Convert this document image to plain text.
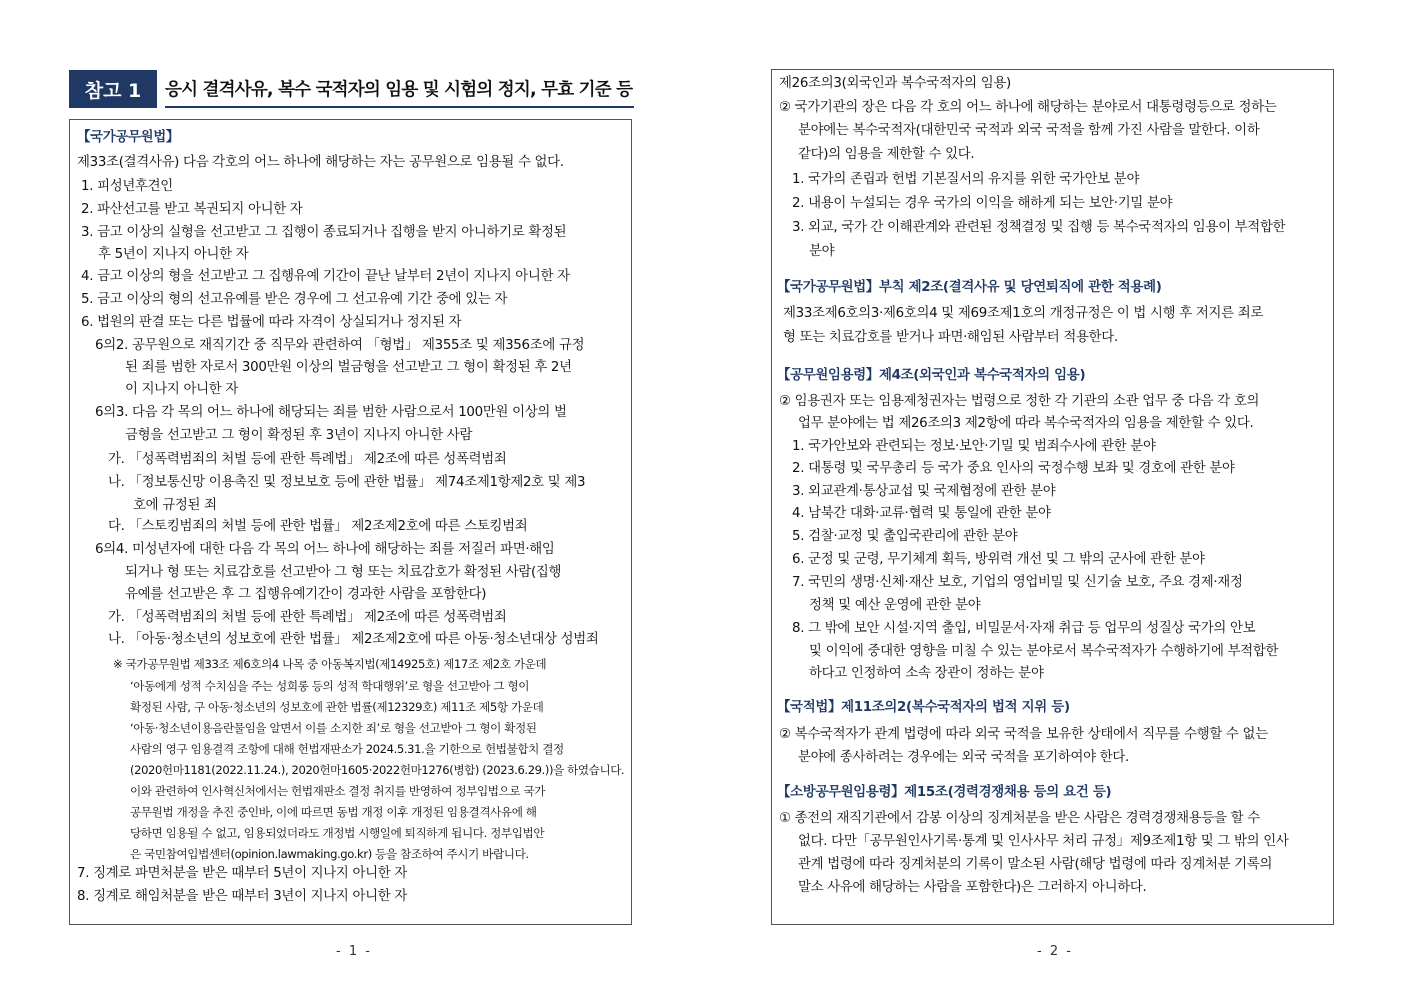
참고 1	응시 결격사유, 복수 국적자의 임용 및 시험의 정지, 무효 기준 등
【국가공무원법】
제33조(결격사유) 다음 각호의 어느 하나에 해당하는 자는 공무원으로 임용될 수 없다.
1. 피성년후견인
2. 파산선고를 받고 복권되지 아니한 자
3. 금고 이상의 실형을 선고받고 그 집행이 종료되거나 집행을 받지 아니하기로 확정된
후 5년이 지나지 아니한 자
4. 금고 이상의 형을 선고받고 그 집행유예 기간이 끝난 날부터 2년이 지나지 아니한 자
5. 금고 이상의 형의 선고유예를 받은 경우에 그 선고유예 기간 중에 있는 자
6. 법원의 판결 또는 다른 법률에 따라 자격이 상실되거나 정지된 자
6의2. 공무원으로 재직기간 중 직무와 관련하여 「형법」 제355조 및 제356조에 규정
된 죄를 범한 자로서 300만원 이상의 벌금형을 선고받고 그 형이 확정된 후 2년
이 지나지 아니한 자
6의3. 다음 각 목의 어느 하나에 해당되는 죄를 범한 사람으로서 100만원 이상의 벌
금형을 선고받고 그 형이 확정된 후 3년이 지나지 아니한 사람
가. 「성폭력범죄의 처벌 등에 관한 특례법」 제2조에 따른 성폭력범죄
나. 「정보통신망 이용촉진 및 정보보호 등에 관한 법률」 제74조제1항제2호 및 제3
호에 규정된 죄
다. 「스토킹범죄의 처벌 등에 관한 법률」 제2조제2호에 따른 스토킹범죄
6의4. 미성년자에 대한 다음 각 목의 어느 하나에 해당하는 죄를 저질러 파면·해임
되거나 형 또는 치료감호를 선고받아 그 형 또는 치료감호가 확정된 사람(집행
유예를 선고받은 후 그 집행유예기간이 경과한 사람을 포함한다)
가. 「성폭력범죄의 처벌 등에 관한 특례법」 제2조에 따른 성폭력범죄
나. 「아동·청소년의 성보호에 관한 법률」 제2조제2호에 따른 아동·청소년대상 성범죄
※ 국가공무원법 제33조 제6호의4 나목 중 아동복지법(제14925호) 제17조 제2호 가운데
‘아동에게 성적 수치심을 주는 성희롱 등의 성적 학대행위’로 형을 선고받아 그 형이
확정된 사람, 구 아동·청소년의 성보호에 관한 법률(제12329호) 제11조 제5항 가운데
‘아동·청소년이용음란물임을 알면서 이를 소지한 죄’로 형을 선고받아 그 형이 확정된
사람의 영구 임용결격 조항에 대해 헌법재판소가 2024.5.31.을 기한으로 헌법불합치 결정
(2020헌마1181(2022.11.24.), 2020헌마1605·2022헌마1276(병합) (2023.6.29.))을 하였습니다.
이와 관련하여 인사혁신처에서는 헌법재판소 결정 취지를 반영하여 정부입법으로 국가
공무원법 개정을 추진 중인바, 이에 따르면 동법 개정 이후 개정된 임용결격사유에 해
당하면 임용될 수 없고, 임용되었더라도 개정법 시행일에 퇴직하게 됩니다. 정부입법안
은 국민참여입법센터(opinion.lawmaking.go.kr) 등을 참조하여 주시기 바랍니다.
7. 징계로 파면처분을 받은 때부터 5년이 지나지 아니한 자
8. 징계로 해임처분을 받은 때부터 3년이 지나지 아니한 자
제26조의3(외국인과 복수국적자의 임용)
② 국가기관의 장은 다음 각 호의 어느 하나에 해당하는 분야로서 대통령령등으로 정하는
분야에는 복수국적자(대한민국 국적과 외국 국적을 함께 가진 사람을 말한다. 이하
같다)의 임용을 제한할 수 있다.
1. 국가의 존립과 헌법 기본질서의 유지를 위한 국가안보 분야
2. 내용이 누설되는 경우 국가의 이익을 해하게 되는 보안·기밀 분야
3. 외교, 국가 간 이해관계와 관련된 정책결정 및 집행 등 복수국적자의 임용이 부적합한
분야
【국가공무원법】부칙 제2조(결격사유 및 당연퇴직에 관한 적용례)
제33조제6호의3·제6호의4 및 제69조제1호의 개정규정은 이 법 시행 후 저지른 죄로
형 또는 치료감호를 받거나 파면·해임된 사람부터 적용한다.
【공무원임용령】제4조(외국인과 복수국적자의 임용)
② 임용권자 또는 임용제청권자는 법령으로 정한 각 기관의 소관 업무 중 다음 각 호의
업무 분야에는 법 제26조의3 제2항에 따라 복수국적자의 임용을 제한할 수 있다.
1. 국가안보와 관련되는 정보·보안·기밀 및 범죄수사에 관한 분야
2. 대통령 및 국무총리 등 국가 중요 인사의 국정수행 보좌 및 경호에 관한 분야
3. 외교관계·통상교섭 및 국제협정에 관한 분야
4. 남북간 대화·교류·협력 및 통일에 관한 분야
5. 검찰·교정 및 출입국관리에 관한 분야
6. 군정 및 군령, 무기체계 획득, 방위력 개선 및 그 밖의 군사에 관한 분야
7. 국민의 생명·신체·재산 보호, 기업의 영업비밀 및 신기술 보호, 주요 경제·재정
정책 및 예산 운영에 관한 분야
8. 그 밖에 보안 시설·지역 출입, 비밀문서·자재 취급 등 업무의 성질상 국가의 안보
및 이익에 중대한 영향을 미칠 수 있는 분야로서 복수국적자가 수행하기에 부적합한
하다고 인정하여 소속 장관이 정하는 분야
【국적법】제11조의2(복수국적자의 법적 지위 등)
② 복수국적자가 관계 법령에 따라 외국 국적을 보유한 상태에서 직무를 수행할 수 없는
분야에 종사하려는 경우에는 외국 국적을 포기하여야 한다.
【소방공무원임용령】제15조(경력경쟁채용 등의 요건 등)
① 종전의 재직기관에서 감봉 이상의 징계처분을 받은 사람은 경력경쟁채용등을 할 수
없다. 다만「공무원인사기록·통계 및 인사사무 처리 규정」제9조제1항 및 그 밖의 인사
관계 법령에 따라 징계처분의 기록이 말소된 사람(해당 법령에 따라 징계처분 기록의
말소 사유에 해당하는 사람을 포함한다)은 그러하지 아니하다.
- 1 -	- 2 -
